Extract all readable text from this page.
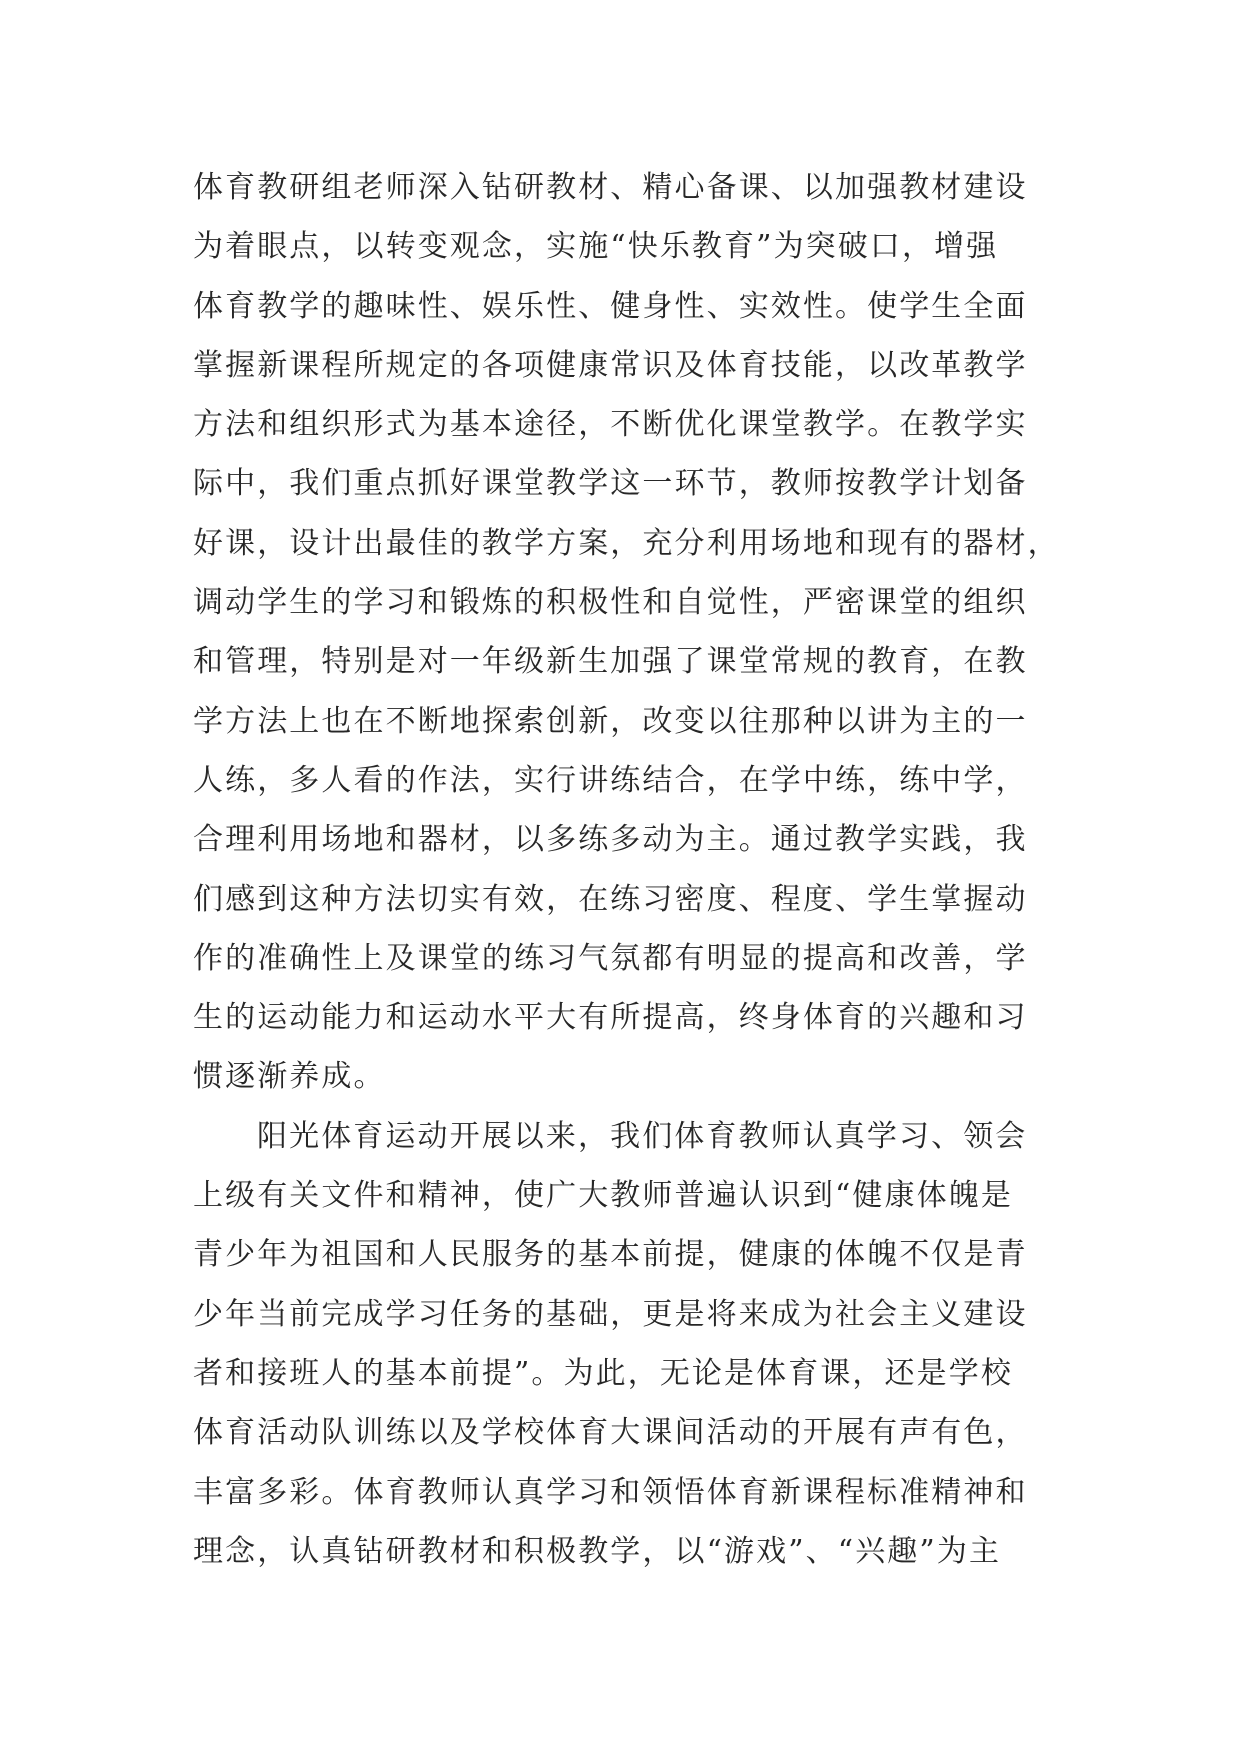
体育教研组老师深入钻研教材、精心备课、以加强教材建设
为着眼点，以转变观念，实施“快乐教育”为突破口，增强
体育教学的趣味性、娱乐性、健身性、实效性。使学生全面
掌握新课程所规定的各项健康常识及体育技能，以改革教学
方法和组织形式为基本途径，不断优化课堂教学。在教学实
际中，我们重点抓好课堂教学这一环节，教师按教学计划备
好课，设计出最佳的教学方案，充分利用场地和现有的器材，
调动学生的学习和锻炼的积极性和自觉性，严密课堂的组织
和管理，特别是对一年级新生加强了课堂常规的教育，在教
学方法上也在不断地探索创新，改变以往那种以讲为主的一
人练，多人看的作法，实行讲练结合，在学中练，练中学，
合理利用场地和器材，以多练多动为主。通过教学实践，我
们感到这种方法切实有效，在练习密度、程度、学生掌握动
作的准确性上及课堂的练习气氛都有明显的提高和改善，学
生的运动能力和运动水平大有所提高，终身体育的兴趣和习
惯逐渐养成。
阳光体育运动开展以来，我们体育教师认真学习、领会
上级有关文件和精神，使广大教师普遍认识到“健康体魄是
青少年为祖国和人民服务的基本前提，健康的体魄不仅是青
少年当前完成学习任务的基础，更是将来成为社会主义建设
者和接班人的基本前提”。为此，无论是体育课，还是学校
体育活动队训练以及学校体育大课间活动的开展有声有色，
丰富多彩。体育教师认真学习和领悟体育新课程标准精神和
理念，认真钻研教材和积极教学，以“游戏”、“兴趣”为主
